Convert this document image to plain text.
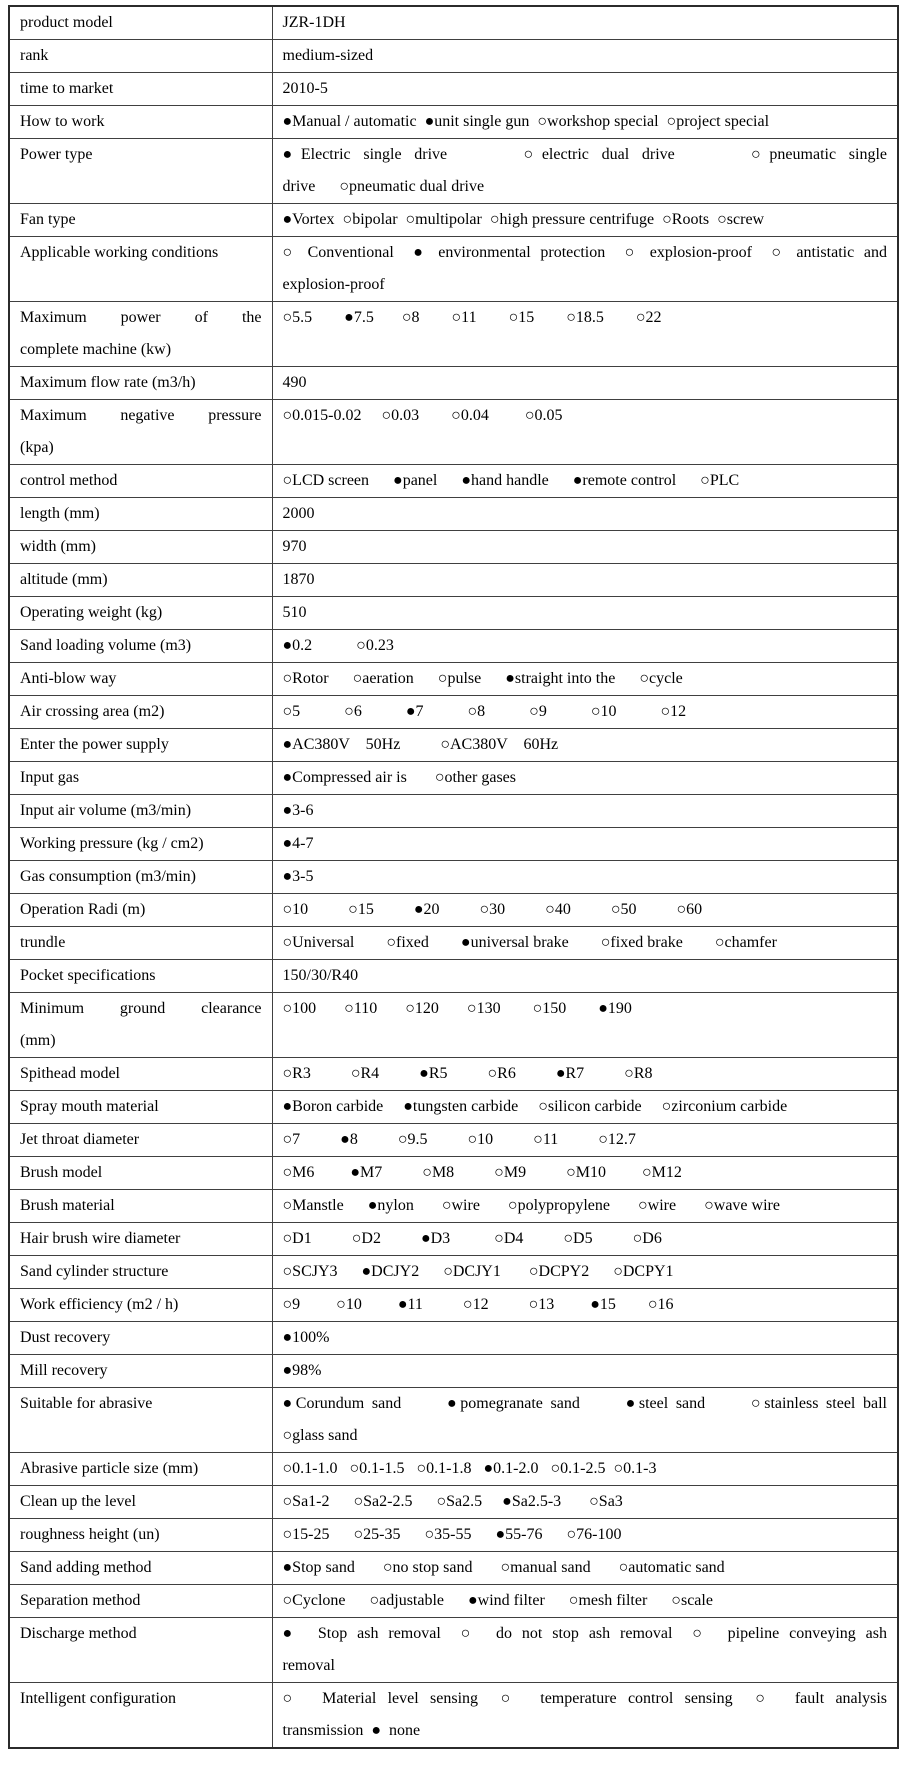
product model	JZR-1DH

rank	medium-sized

time to market	2010-5

How to work	●Manual / automatic  ●unit single gun  ○workshop special  ○project special

Power type	●Electric single drive      ○electric dual drive      ○pneumatic single
drive      ○pneumatic dual drive

Fan type	●Vortex  ○bipolar  ○multipolar  ○high pressure centrifuge  ○Roots  ○screw

Applicable working conditions	○ Conventional  ● environmental protection  ○ explosion-proof  ○ antistatic and
explosion-proof

Maximum power of the
complete machine (kw)	○5.5        ●7.5       ○8        ○11        ○15        ○18.5        ○22

Maximum flow rate (m3/h)	490

Maximum negative pressure
(kpa)	○0.015-0.02     ○0.03        ○0.04         ○0.05

control method	○LCD screen      ●panel      ●hand handle      ●remote control      ○PLC

length (mm)	2000

width (mm)	970

altitude (mm)	1870

Operating weight (kg)	510

Sand loading volume (m3)	●0.2           ○0.23

Anti-blow way	○Rotor      ○aeration      ○pulse      ●straight into the      ○cycle

Air crossing area (m2)	○5           ○6           ●7           ○8           ○9           ○10           ○12

Enter the power supply	●AC380V    50Hz          ○AC380V    60Hz

Input gas	●Compressed air is       ○other gases

Input air volume (m3/min)	●3-6

Working pressure (kg / cm2)	●4-7

Gas consumption (m3/min)	●3-5

Operation Radi (m)	○10          ○15          ●20          ○30          ○40          ○50          ○60

trundle	○Universal        ○fixed        ●universal brake        ○fixed brake        ○chamfer

Pocket specifications	150/30/R40

Minimum ground clearance
(mm)	○100       ○110       ○120       ○130        ○150        ●190

Spithead model	○R3          ○R4          ●R5          ○R6          ●R7          ○R8

Spray mouth material	●Boron carbide     ●tungsten carbide     ○silicon carbide     ○zirconium carbide

Jet throat diameter	○7          ●8          ○9.5          ○10          ○11          ○12.7

Brush model	○M6         ●M7          ○M8          ○M9          ○M10         ○M12

Brush material	○Manstle      ●nylon       ○wire       ○polypropylene       ○wire       ○wave wire

Hair brush wire diameter	○D1          ○D2          ●D3           ○D4          ○D5          ○D6

Sand cylinder structure	○SCJY3      ●DCJY2      ○DCJY1       ○DCPY2      ○DCPY1

Work efficiency (m2 / h)	○9         ○10         ●11          ○12          ○13         ●15        ○16

Dust recovery	●100%

Mill recovery	●98%

Suitable for abrasive	●Corundum sand      ●pomegranate sand      ●steel sand      ○stainless steel ball
○glass sand

Abrasive particle size (mm)	○0.1-1.0   ○0.1-1.5   ○0.1-1.8   ●0.1-2.0   ○0.1-2.5  ○0.1-3

Clean up the level	○Sa1-2      ○Sa2-2.5      ○Sa2.5     ●Sa2.5-3       ○Sa3

roughness height (un)	○15-25      ○25-35      ○35-55      ●55-76      ○76-100

Sand adding method	●Stop sand       ○no stop sand       ○manual sand       ○automatic sand

Separation method	○Cyclone      ○adjustable      ●wind filter      ○mesh filter      ○scale

Discharge method	●  Stop ash removal  ○  do not stop ash removal  ○  pipeline conveying ash
removal

Intelligent configuration	○  Material level sensing  ○  temperature control sensing  ○  fault analysis
transmission  ●  none
